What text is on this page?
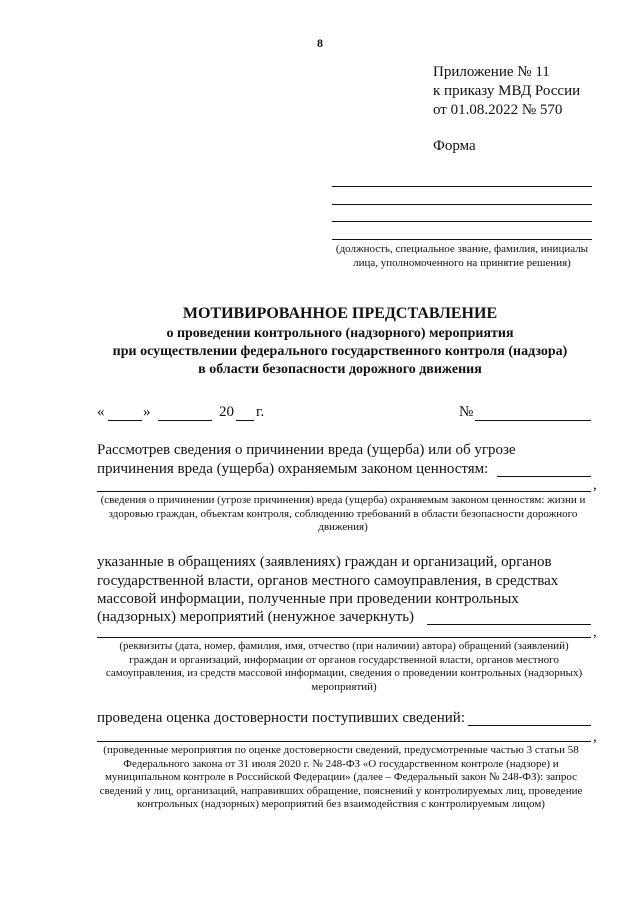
8
Приложение № 11
к приказу МВД России
от 01.08.2022 № 570
Форма
(должность, специальное звание, фамилия, инициалы лица, уполномоченного на принятие решения)
МОТИВИРОВАННОЕ ПРЕДСТАВЛЕНИЕ
о проведении контрольного (надзорного) мероприятия
при осуществлении федерального государственного контроля (надзора)
в области безопасности дорожного движения
«	»	20 г.	№
Рассмотрев сведения о причинении вреда (ущерба) или об угрозе
причинения вреда (ущерба) охраняемым законом ценностям:
,
(сведения о причинении (угрозе причинения) вреда (ущерба) охраняемым законом ценностям: жизни и здоровью граждан, объектам контроля, соблюдению требований в области безопасности дорожного движения)
указанные в обращениях (заявлениях) граждан и организаций, органов
государственной власти, органов местного самоуправления, в средствах
массовой информации, полученные при проведении контрольных
(надзорных) мероприятий (ненужное зачеркнуть)
,
(реквизиты (дата, номер, фамилия, имя, отчество (при наличии) автора) обращений (заявлений) граждан и организаций, информации от органов государственной власти, органов местного самоуправления, из средств массовой информации, сведения о проведении контрольных (надзорных) мероприятий)
проведена оценка достоверности поступивших сведений:
,
(проведенные мероприятия по оценке достоверности сведений, предусмотренные частью 3 статьи 58 Федерального закона от 31 июля 2020 г. № 248-ФЗ «О государственном контроле (надзоре) и муниципальном контроле в Российской Федерации» (далее – Федеральный закон № 248-ФЗ): запрос сведений у лиц, организаций, направивших обращение, пояснений у контролируемых лиц, проведение контрольных (надзорных) мероприятий без взаимодействия с контролируемым лицом)
